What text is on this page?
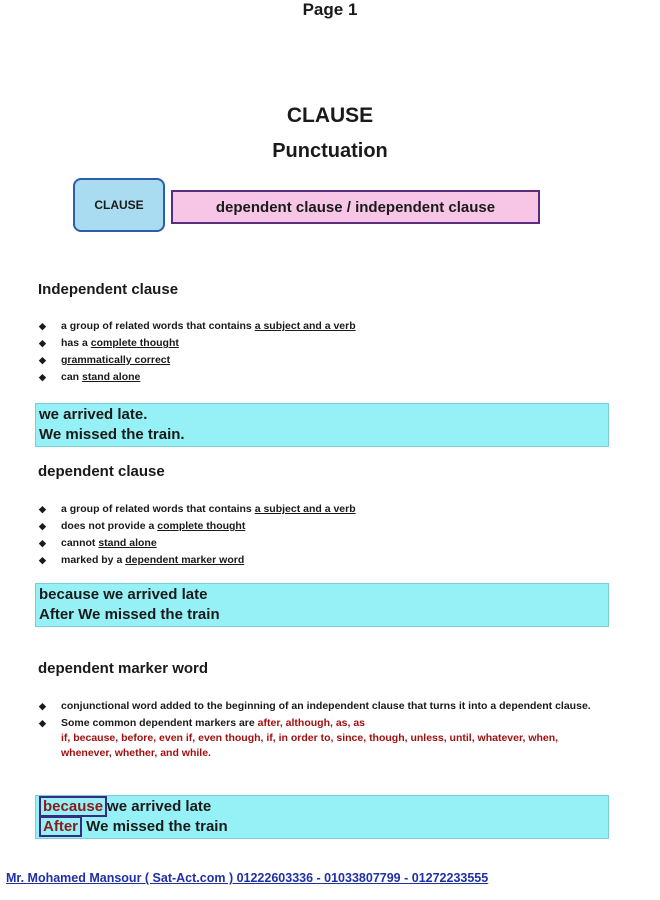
Page 1
CLAUSE
Punctuation
CLAUSE	dependent clause / independent clause
Independent clause
◆ a group of related words that contains a subject and a verb
◆ has a complete thought
◆ grammatically correct
◆ can stand alone
we arrived late.
We missed the train.
dependent clause
◆ a group of related words that contains a subject and a verb
◆ does not provide a complete thought
◆ cannot stand alone
◆ marked by a dependent marker word
because we arrived late
After We missed the train
dependent marker word
◆ conjunctional word added to the beginning of an independent clause that turns it into a dependent clause.
◆ Some common dependent markers are after, although, as, as
if, because, before, even if, even though, if, in order to, since, though, unless, until, whatever, when, whenever, whether, and while.
because we arrived late
After We missed the train
Mr. Mohamed Mansour ( Sat-Act.com ) 01222603336 - 01033807799 - 01272233555
